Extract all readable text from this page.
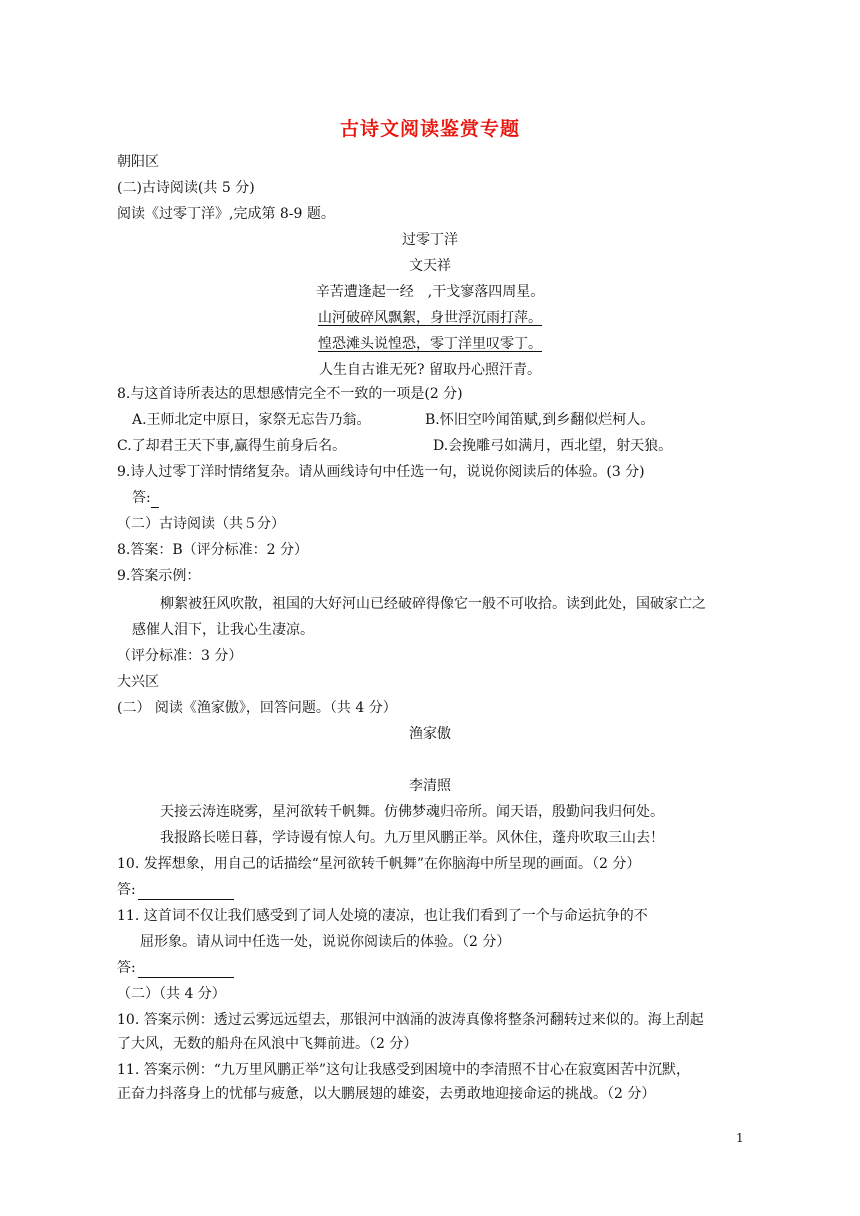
古诗文阅读鉴赏专题
朝阳区
(二)古诗阅读(共 5 分)
阅读《过零丁洋》,完成第 8-9 题。
过零丁洋
文天祥
辛苦遭逢起一经　,干戈寥落四周星。
山河破碎风飘絮，身世浮沉雨打萍。
惶恐滩头说惶恐，零丁洋里叹零丁。
人生自古谁无死? 留取丹心照汗青。
8.与这首诗所表达的思想感情完全不一致的一项是(2 分)
A.王师北定中原日，家祭无忘告乃翁。	B.怀旧空吟闻笛赋,到乡翻似烂柯人。
C.了却君王天下事,赢得生前身后名。	D.会挽雕弓如满月，西北望，射天狼。
9.诗人过零丁洋时情绪复杂。请从画线诗句中任选一句，说说你阅读后的体验。(3 分)
答:
（二）古诗阅读（共５分）
8.答案：B（评分标准：2 分）
9.答案示例：
柳絮被狂风吹散，祖国的大好河山已经破碎得像它一般不可收拾。读到此处，国破家亡之
感催人泪下，让我心生凄凉。
（评分标准：3 分）
大兴区
(二） 阅读《渔家傲》，回答问题。（共 4 分）
渔家傲
李清照
天接云涛连晓雾，星河欲转千帆舞。仿佛梦魂归帝所。闻天语，殷勤问我归何处。
我报路长嗟日暮，学诗谩有惊人句。九万里风鹏正举。风休住，蓬舟吹取三山去！
10. 发挥想象，用自己的话描绘“星河欲转千帆舞”在你脑海中所呈现的画面。（2 分）
答:
11. 这首词不仅让我们感受到了词人处境的凄凉，也让我们看到了一个与命运抗争的不
屈形象。请从词中任选一处，说说你阅读后的体验。（2 分）
答:
（二）（共 4 分）
10. 答案示例：透过云雾远远望去，那银河中汹涌的波涛真像将整条河翻转过来似的。海上刮起
了大风，无数的船舟在风浪中飞舞前进。（2 分）
11. 答案示例：“九万里风鹏正举”这句让我感受到困境中的李清照不甘心在寂寞困苦中沉默，
正奋力抖落身上的忧郁与疲惫，以大鹏展翅的雄姿，去勇敢地迎接命运的挑战。（2 分）
1
